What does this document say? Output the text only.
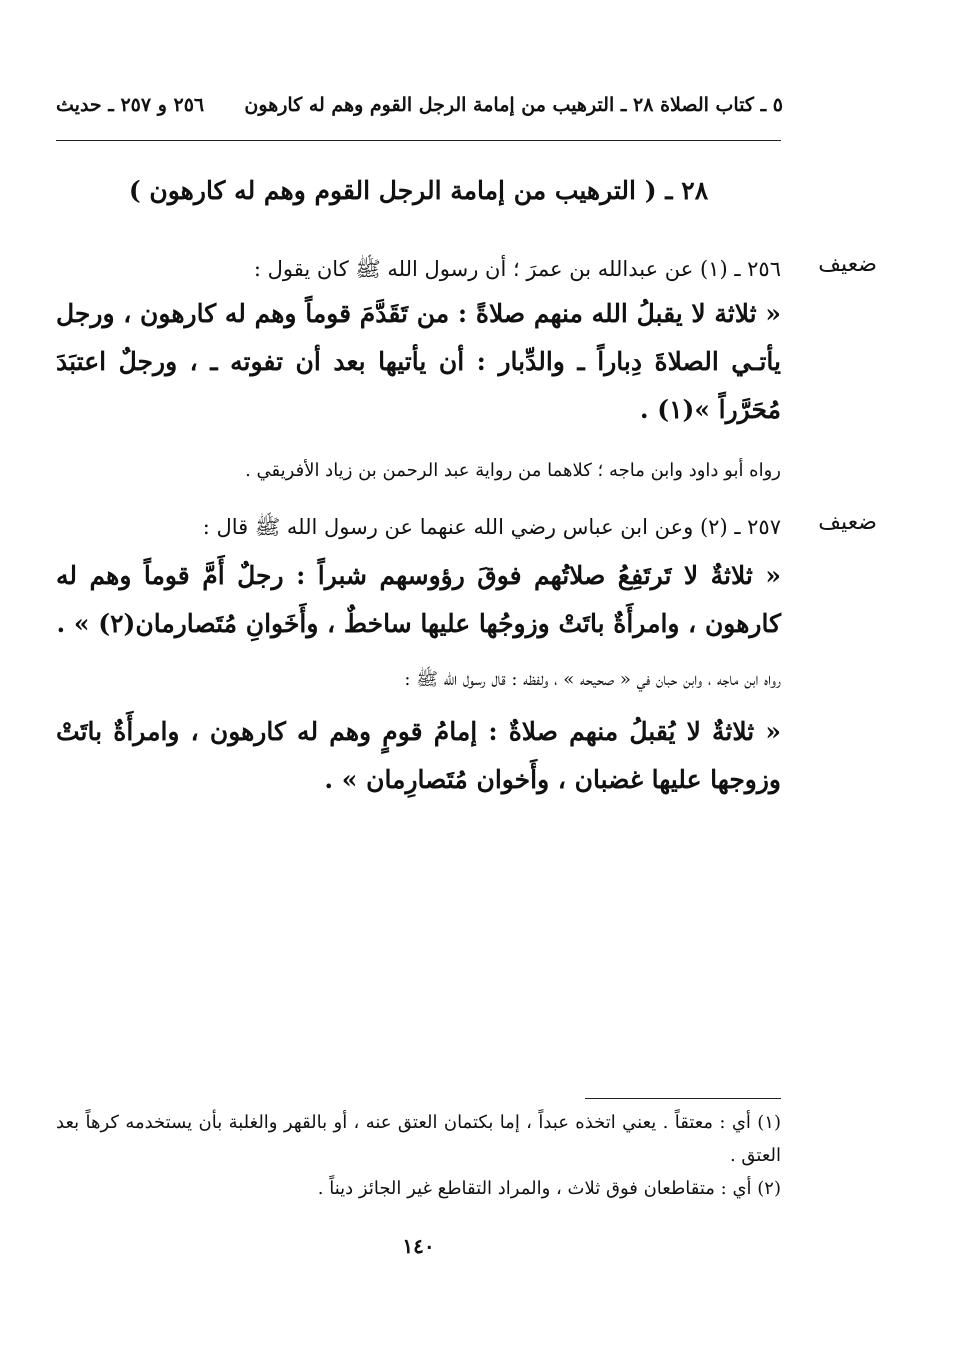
٥ ـ كتاب الصلاة ٢٨ ـ الترهيب من إمامة الرجل القوم وهم له كارهون
٢٥٦ و ٢٥٧ ـ حديث
٢٨ ـ ( الترهيب من إمامة الرجل القوم وهم له كارهون )
ضعيف
٢٥٦ ـ (١) عن عبدالله بن عمرَ ؛ أن رسول الله ﷺ كان يقول :
« ثلاثة لا يقبلُ الله منهم صلاةً : من تَقَدَّمَ قوماً وهم له كارهون ، ورجل يأتـي الصلاةَ دِباراً ـ والدِّبار : أن يأتيها بعد أن تفوته ـ ، ورجلٌ اعتبَدَ مُحَرَّراً »(١) .
رواه أبو داود وابن ماجه ؛ كلاهما من رواية عبد الرحمن بن زياد الأفريقي .
ضعيف
٢٥٧ ـ (٢) وعن ابن عباس رضي الله عنهما عن رسول الله ﷺ قال :
« ثلاثةٌ لا تَرتَفِعُ صلاتُهم فوقَ رؤوسهم شبراً : رجلٌ أَمَّ قوماً وهم له كارهون ، وامرأَةٌ باتَتْ وزوجُها عليها ساخطٌ ، وأَخَوانِ مُتَصارمان(٢) » .
رواه ابن ماجه ، وابن حبان في « صحيحه » ، ولفظه : قال رسول الله ﷺ :
« ثلاثةٌ لا يُقبلُ منهم صلاةٌ : إمامُ قومٍ وهم له كارهون ، وامرأَةٌ باتَتْ وزوجها عليها غضبان ، وأَخوان مُتَصارِمان » .
(١) أي : معتقاً . يعني اتخذه عبداً ، إما بكتمان العتق عنه ، أو بالقهر والغلبة بأن يستخدمه كرهاً بعد العتق .
(٢) أي : متقاطعان فوق ثلاث ، والمراد التقاطع غير الجائز ديناً .
١٤٠
